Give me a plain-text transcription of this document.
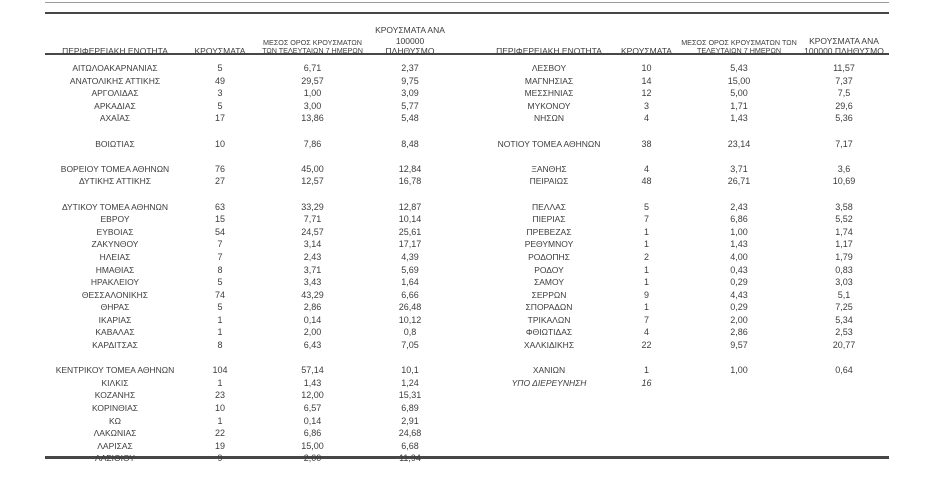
ΠΕΡΙΦΕΡΕΙΑΚΗ ΕΝΟΤΗΤΑ	ΚΡΟΥΣΜΑΤΑ	ΜΕΣΟΣ ΟΡΟΣ ΚΡΟΥΣΜΑΤΩΝ ΤΩΝ ΤΕΛΕΥΤΑΙΩΝ 7 ΗΜΕΡΩΝ	ΚΡΟΥΣΜΑΤΑ ΑΝΑ 100000 ΠΛΗΘΥΣΜΟ
ΑΙΤΩΛΟΑΚΑΡΝΑΝΙΑΣ	5	6,71	2,37
ΑΝΑΤΟΛΙΚΗΣ ΑΤΤΙΚΗΣ	49	29,57	9,75
ΑΡΓΟΛΙΔΑΣ	3	1,00	3,09
ΑΡΚΑΔΙΑΣ	5	3,00	5,77
ΑΧΑΪΑΣ	17	13,86	5,48

ΒΟΙΩΤΙΑΣ	10	7,86	8,48

ΒΟΡΕΙΟΥ ΤΟΜΕΑ ΑΘΗΝΩΝ	76	45,00	12,84
ΔΥΤΙΚΗΣ ΑΤΤΙΚΗΣ	27	12,57	16,78

ΔΥΤΙΚΟΥ ΤΟΜΕΑ ΑΘΗΝΩΝ	63	33,29	12,87
ΕΒΡΟΥ	15	7,71	10,14
ΕΥΒΟΙΑΣ	54	24,57	25,61
ΖΑΚΥΝΘΟΥ	7	3,14	17,17
ΗΛΕΙΑΣ	7	2,43	4,39
ΗΜΑΘΙΑΣ	8	3,71	5,69
ΗΡΑΚΛΕΙΟΥ	5	3,43	1,64
ΘΕΣΣΑΛΟΝΙΚΗΣ	74	43,29	6,66
ΘΗΡΑΣ	5	2,86	26,48
ΙΚΑΡΙΑΣ	1	0,14	10,12
ΚΑΒΑΛΑΣ	1	2,00	0,8
ΚΑΡΔΙΤΣΑΣ	8	6,43	7,05

ΚΕΝΤΡΙΚΟΥ ΤΟΜΕΑ ΑΘΗΝΩΝ	104	57,14	10,1
ΚΙΛΚΙΣ	1	1,43	1,24
ΚΟΖΑΝΗΣ	23	12,00	15,31
ΚΟΡΙΝΘΙΑΣ	10	6,57	6,89
ΚΩ	1	0,14	2,91
ΛΑΚΩΝΙΑΣ	22	6,86	24,68
ΛΑΡΙΣΑΣ	19	15,00	6,68
ΛΑΣΙΘΙΟΥ	9	2,00	11,94
ΠΕΡΙΦΕΡΕΙΑΚΗ ΕΝΟΤΗΤΑ	ΚΡΟΥΣΜΑΤΑ	ΜΕΣΟΣ ΟΡΟΣ ΚΡΟΥΣΜΑΤΩΝ ΤΩΝ ΤΕΛΕΥΤΑΙΩΝ 7 ΗΜΕΡΩΝ	ΚΡΟΥΣΜΑΤΑ ΑΝΑ 100000 ΠΛΗΘΥΣΜΟ
ΛΕΣΒΟΥ	10	5,43	11,57
ΜΑΓΝΗΣΙΑΣ	14	15,00	7,37
ΜΕΣΣΗΝΙΑΣ	12	5,00	7,5
ΜΥΚΟΝΟΥ	3	1,71	29,6
ΝΗΣΩΝ	4	1,43	5,36

ΝΟΤΙΟΥ ΤΟΜΕΑ ΑΘΗΝΩΝ	38	23,14	7,17

ΞΑΝΘΗΣ	4	3,71	3,6
ΠΕΙΡΑΙΩΣ	48	26,71	10,69

ΠΕΛΛΑΣ	5	2,43	3,58
ΠΙΕΡΙΑΣ	7	6,86	5,52
ΠΡΕΒΕΖΑΣ	1	1,00	1,74
ΡΕΘΥΜΝΟΥ	1	1,43	1,17
ΡΟΔΟΠΗΣ	2	4,00	1,79
ΡΟΔΟΥ	1	0,43	0,83
ΣΑΜΟΥ	1	0,29	3,03
ΣΕΡΡΩΝ	9	4,43	5,1
ΣΠΟΡΑΔΩΝ	1	0,29	7,25
ΤΡΙΚΑΛΩΝ	7	2,00	5,34
ΦΘΙΩΤΙΔΑΣ	4	2,86	2,53
ΧΑΛΚΙΔΙΚΗΣ	22	9,57	20,77

ΧΑΝΙΩΝ	1	1,00	0,64
ΥΠΟ ΔΙΕΡΕΥΝΗΣΗ	16		
